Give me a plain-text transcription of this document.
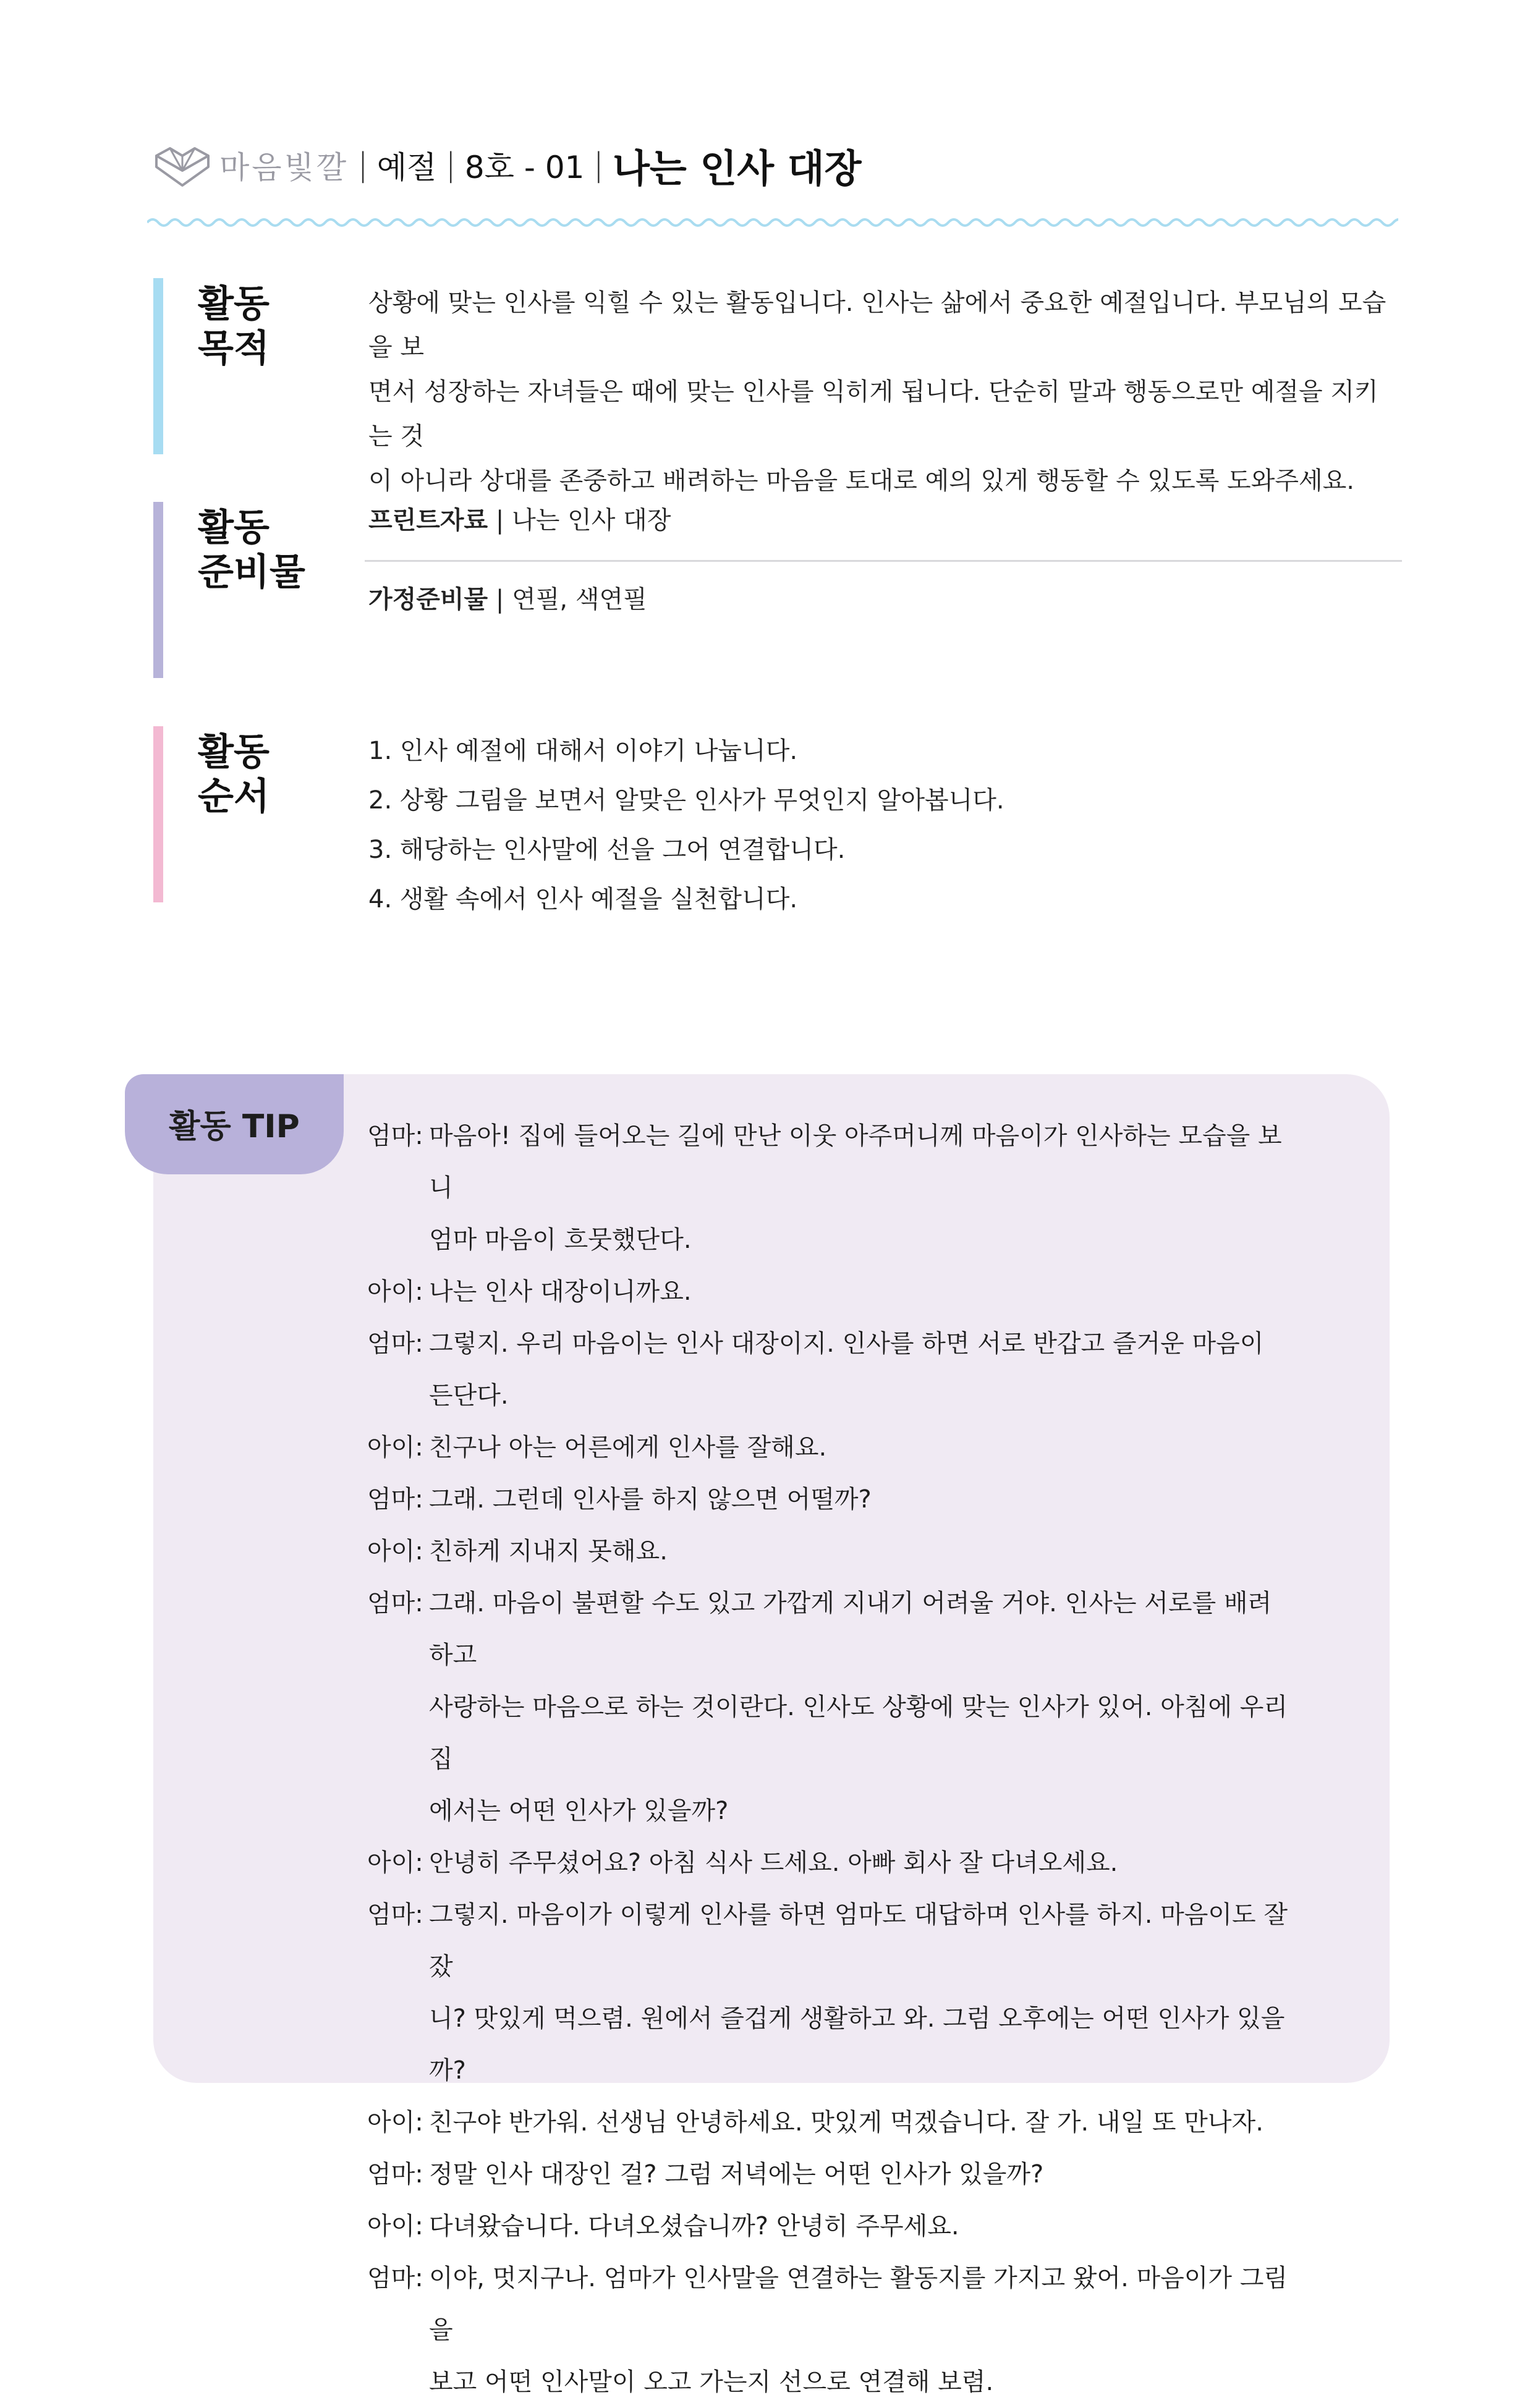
마음빛깔 | 예절 | 8호 - 01 | 나는 인사 대장
활동
목적
상황에 맞는 인사를 익힐 수 있는 활동입니다. 인사는 삶에서 중요한 예절입니다. 부모님의 모습을 보
면서 성장하는 자녀들은 때에 맞는 인사를 익히게 됩니다. 단순히 말과 행동으로만 예절을 지키는 것
이 아니라 상대를 존중하고 배려하는 마음을 토대로 예의 있게 행동할 수 있도록 도와주세요.
활동
준비물
프린트자료 | 나는 인사 대장
가정준비물 | 연필, 색연필
활동
순서
1. 인사 예절에 대해서 이야기 나눕니다.
2. 상황 그림을 보면서 알맞은 인사가 무엇인지 알아봅니다.
3. 해당하는 인사말에 선을 그어 연결합니다.
4. 생활 속에서 인사 예절을 실천합니다.
활동 TIP	엄마: 마음아! 집에 들어오는 길에 만난 이웃 아주머니께 마음이가 인사하는 모습을 보니
엄마 마음이 흐뭇했단다.
아이: 나는 인사 대장이니까요.
엄마: 그렇지. 우리 마음이는 인사 대장이지. 인사를 하면 서로 반갑고 즐거운 마음이 든단다.
아이: 친구나 아는 어른에게 인사를 잘해요.
엄마: 그래. 그런데 인사를 하지 않으면 어떨까?
아이: 친하게 지내지 못해요.
엄마: 그래. 마음이 불편할 수도 있고 가깝게 지내기 어려울 거야. 인사는 서로를 배려하고
사랑하는 마음으로 하는 것이란다. 인사도 상황에 맞는 인사가 있어. 아침에 우리 집
에서는 어떤 인사가 있을까?
아이: 안녕히 주무셨어요? 아침 식사 드세요. 아빠 회사 잘 다녀오세요.
엄마: 그렇지. 마음이가 이렇게 인사를 하면 엄마도 대답하며 인사를 하지. 마음이도 잘 잤
니? 맛있게 먹으렴. 원에서 즐겁게 생활하고 와. 그럼 오후에는 어떤 인사가 있을까?
아이: 친구야 반가워. 선생님 안녕하세요. 맛있게 먹겠습니다. 잘 가. 내일 또 만나자.
엄마: 정말 인사 대장인 걸? 그럼 저녁에는 어떤 인사가 있을까?
아이: 다녀왔습니다. 다녀오셨습니까? 안녕히 주무세요.
엄마: 이야, 멋지구나. 엄마가 인사말을 연결하는 활동지를 가지고 왔어. 마음이가 그림을
보고 어떤 인사말이 오고 가는지 선으로 연결해 보렴.
